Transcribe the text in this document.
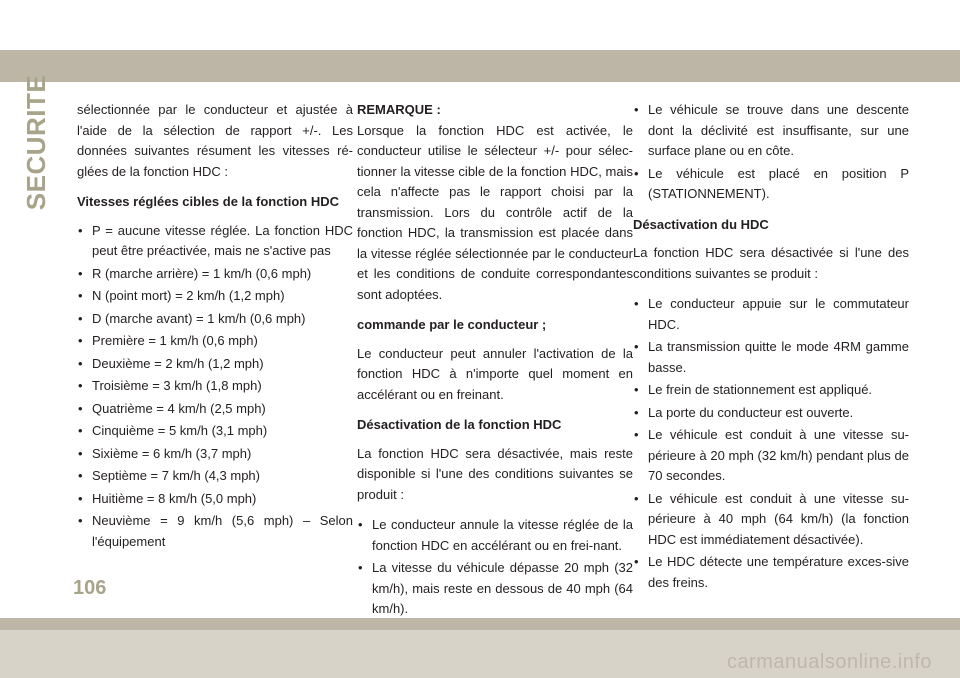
SECURITE sélectionnée par le conducteur et ajustée à l'aide de la sélection de rapport +/-. Les données suivantes résument les vitesses ré-glées de la fonction HDC :

Vitesses réglées cibles de la fonction HDC

• P = aucune vitesse réglée. La fonction HDC peut être préactivée, mais ne s'active pas
• R (marche arrière) = 1 km/h (0,6 mph)
• N (point mort) = 2 km/h (1,2 mph)
• D (marche avant) = 1 km/h (0,6 mph)
• Première = 1 km/h (0,6 mph)
• Deuxième = 2 km/h (1,2 mph)
• Troisième = 3 km/h (1,8 mph)
• Quatrième = 4 km/h (2,5 mph)
• Cinquième = 5 km/h (3,1 mph)
• Sixième = 6 km/h (3,7 mph)
• Septième = 7 km/h (4,3 mph)
• Huitième = 8 km/h (5,0 mph)
• Neuvième = 9 km/h (5,6 mph) – Selon l'équipement

REMARQUE :

Lorsque la fonction HDC est activée, le conducteur utilise le sélecteur +/- pour sélec-tionner la vitesse cible de la fonction HDC, mais cela n'affecte pas le rapport choisi par la transmission. Lors du contrôle actif de la fonction HDC, la transmission est placée dans la vitesse réglée sélectionnée par le conducteur et les conditions de conduite correspondantes sont adoptées.

commande par le conducteur ;

Le conducteur peut annuler l'activation de la fonction HDC à n'importe quel moment en accélérant ou en freinant.

Désactivation de la fonction HDC

La fonction HDC sera désactivée, mais reste disponible si l'une des conditions suivantes se produit :

• Le conducteur annule la vitesse réglée de la fonction HDC en accélérant ou en frei-nant.
• La vitesse du véhicule dépasse 20 mph (32 km/h), mais reste en dessous de 40 mph (64 km/h).
• Le véhicule se trouve dans une descente dont la déclivité est insuffisante, sur une surface plane ou en côte.
• Le véhicule est placé en position P (STATIONNEMENT).

Désactivation du HDC

La fonction HDC sera désactivée si l'une des conditions suivantes se produit :

• Le conducteur appuie sur le commutateur HDC.
• La transmission quitte le mode 4RM gamme basse.
• Le frein de stationnement est appliqué.
• La porte du conducteur est ouverte.
• Le véhicule est conduit à une vitesse su-périeure à 20 mph (32 km/h) pendant plus de 70 secondes.
• Le véhicule est conduit à une vitesse su-périeure à 40 mph (64 km/h) (la fonction HDC est immédiatement désactivée).
• Le HDC détecte une température exces-sive des freins.
106
carmanualsonline.info
